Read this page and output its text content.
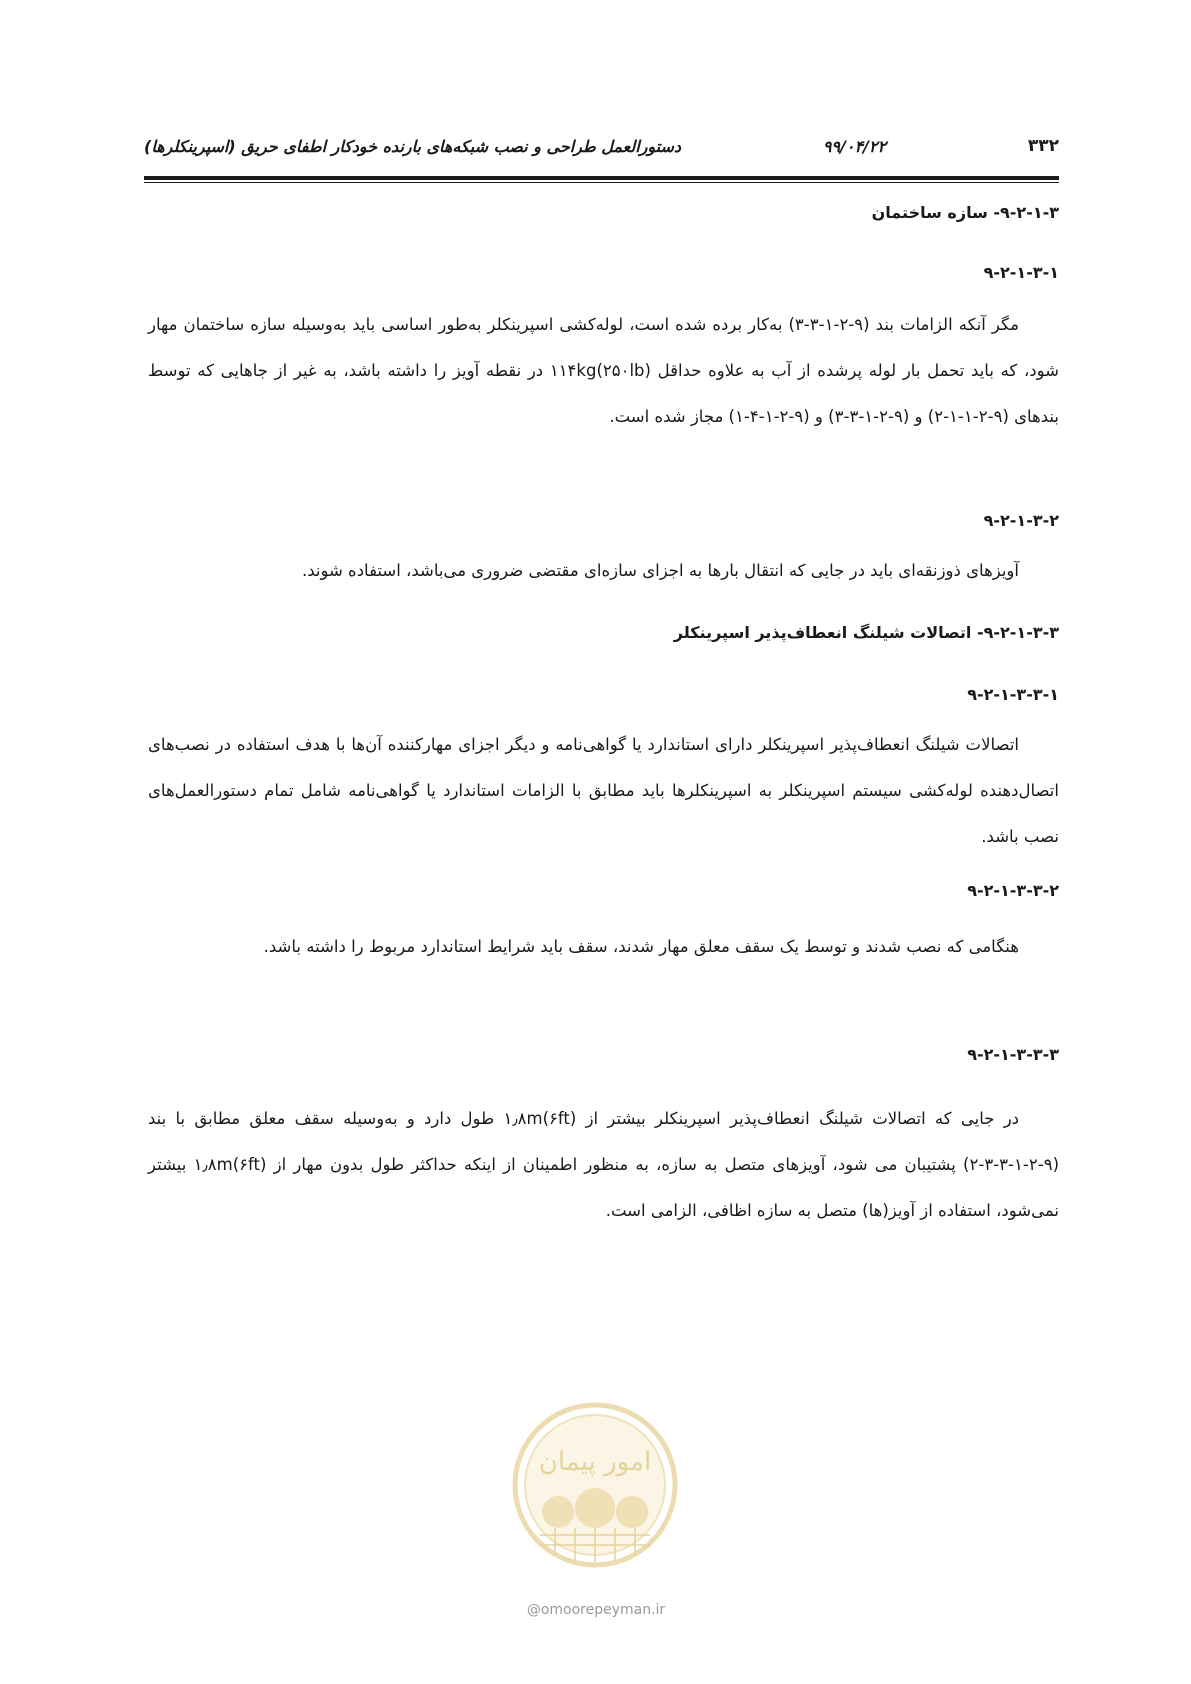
۳۳۲
۹۹/۰۴/۲۲
دستورالعمل طراحی و نصب شبکه‌های بارنده خودکار اطفای حریق (اسپرینکلرها)
۹-۲-۱-۳- سازه ساختمان
۹-۲-۱-۳-۱
مگر آنکه الزامات بند (۹-۲-۱-۳-۳) به‌کار برده شده است، لوله‌کشی اسپرینکلر به‌طور اساسی باید به‌وسیله سازه ساختمان مهار شود، که باید تحمل بار لوله پرشده از آب به علاوه حداقل ۱۱۴kg(۲۵۰lb) در نقطه آویز را داشته باشد، به غیر از جاهایی که توسط بندهای (۹-۲-۱-۱-۲) و (۹-۲-۱-۳-۳) و (۹-۲-۱-۴-۱) مجاز شده است.
۹-۲-۱-۳-۲
آویزهای ذوزنقه‌ای باید در جایی که انتقال بارها به اجزای سازه‌ای مقتضی ضروری می‌باشد، استفاده شوند.
۹-۲-۱-۳-۳- اتصالات شیلنگ انعطاف‌پذیر اسپرینکلر
۹-۲-۱-۳-۳-۱
اتصالات شیلنگ انعطاف‌پذیر اسپرینکلر دارای استاندارد یا گواهی‌نامه و دیگر اجزای مهارکننده آن‌ها با هدف استفاده در نصب‌های اتصال‌دهنده لوله‌کشی سیستم اسپرینکلر به اسپرینکلرها باید مطابق با الزامات استاندارد یا گواهی‌نامه شامل تمام دستورالعمل‌های نصب باشد.
۹-۲-۱-۳-۳-۲
هنگامی که نصب شدند و توسط یک سقف معلق مهار شدند، سقف باید شرایط استاندارد مربوط را داشته باشد.
۹-۲-۱-۳-۳-۳
در جایی که اتصالات شیلنگ انعطاف‌پذیر اسپرینکلر بیشتر از ۱٫۸m(۶ft) طول دارد و به‌وسیله سقف معلق مطابق با بند (۹-۲-۱-۳-۳-۲) پشتیبان می شود، آویزهای متصل به سازه، به منظور اطمینان از اینکه حداکثر طول بدون مهار از ۱٫۸m(۶ft) بیشتر نمی‌شود، استفاده از آویز(ها) متصل به سازه اظافی، الزامی است.
امور پیمان
@omoorepeyman.ir
